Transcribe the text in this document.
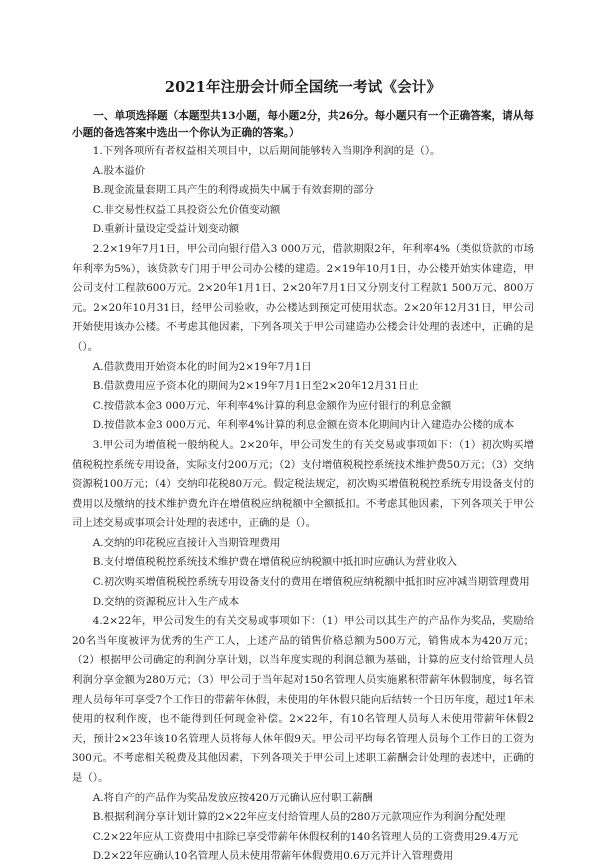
2021年注册会计师全国统一考试《会计》

一、单项选择题（本题型共13小题，每小题2分，共26分。每小题只有一个正确答案，请从每小题的备选答案中选出一个你认为正确的答案。）

1.下列各项所有者权益相关项目中，以后期间能够转入当期净利润的是（）。

A.股本溢价

B.现金流量套期工具产生的利得或损失中属于有效套期的部分

C.非交易性权益工具投资公允价值变动额

D.重新计量设定受益计划变动额

2.2×19年7月1日，甲公司向银行借入3 000万元，借款期限2年，年利率4%（类似贷款的市场年利率为5%），该贷款专门用于甲公司办公楼的建造。2×19年10月1日，办公楼开始实体建造，甲公司支付工程款600万元。2×20年1月1日、2×20年7月1日又分别支付工程款1 500万元、800万元。2×20年10月31日，经甲公司验收，办公楼达到预定可使用状态。2×20年12月31日，甲公司开始使用该办公楼。不考虑其他因素，下列各项关于甲公司建造办公楼会计处理的表述中，正确的是（）。

A.借款费用开始资本化的时间为2×19年7月1日

B.借款费用应予资本化的期间为2×19年7月1日至2×20年12月31日止

C.按借款本金3 000万元、年利率4%计算的利息金额作为应付银行的利息金额

D.按借款本金3 000万元、年利率4%计算的利息金额在资本化期间内计入建造办公楼的成本

3.甲公司为增值税一般纳税人。2×20年，甲公司发生的有关交易或事项如下：（1）初次购买增值税税控系统专用设备，实际支付200万元；（2）支付增值税税控系统技术维护费50万元；（3）交纳资源税100万元；（4）交纳印花税80万元。假定税法规定，初次购买增值税税控系统专用设备支付的费用以及缴纳的技术维护费允许在增值税应纳税额中全额抵扣。不考虑其他因素，下列各项关于甲公司上述交易或事项会计处理的表述中，正确的是（）。

A.交纳的印花税应直接计入当期管理费用

B.支付增值税税控系统技术维护费在增值税应纳税额中抵扣时应确认为营业收入

C.初次购买增值税税控系统专用设备支付的费用在增值税应纳税额中抵扣时应冲减当期管理费用

D.交纳的资源税应计入生产成本

4.2×22年，甲公司发生的有关交易或事项如下：（1）甲公司以其生产的产品作为奖品，奖励给20名当年度被评为优秀的生产工人，上述产品的销售价格总额为500万元，销售成本为420万元；（2）根据甲公司确定的利润分享计划，以当年度实现的利润总额为基础，计算的应支付给管理人员利润分享金额为280万元；（3）甲公司于当年起对150名管理人员实施累积带薪年休假制度，每名管理人员每年可享受7个工作日的带薪年休假，未使用的年休假只能向后结转一个日历年度，超过1年未使用的权利作废，也不能得到任何现金补偿。2×22年，有10名管理人员每人未使用带薪年休假2天，预计2×23年该10名管理人员将每人休年假9天。甲公司平均每名管理人员每个工作日的工资为300元。不考虑相关税费及其他因素，下列各项关于甲公司上述职工薪酬会计处理的表述中，正确的是（）。

A.将自产的产品作为奖品发放应按420万元确认应付职工薪酬

B.根据利润分享计划计算的2×22年应支付给管理人员的280万元款项应作为利润分配处理

C.2×22年应从工资费用中扣除已享受带薪年休假权利的140名管理人员的工资费用29.4万元

D.2×22年应确认10名管理人员未使用带薪年休假费用0.6万元并计入管理费用
